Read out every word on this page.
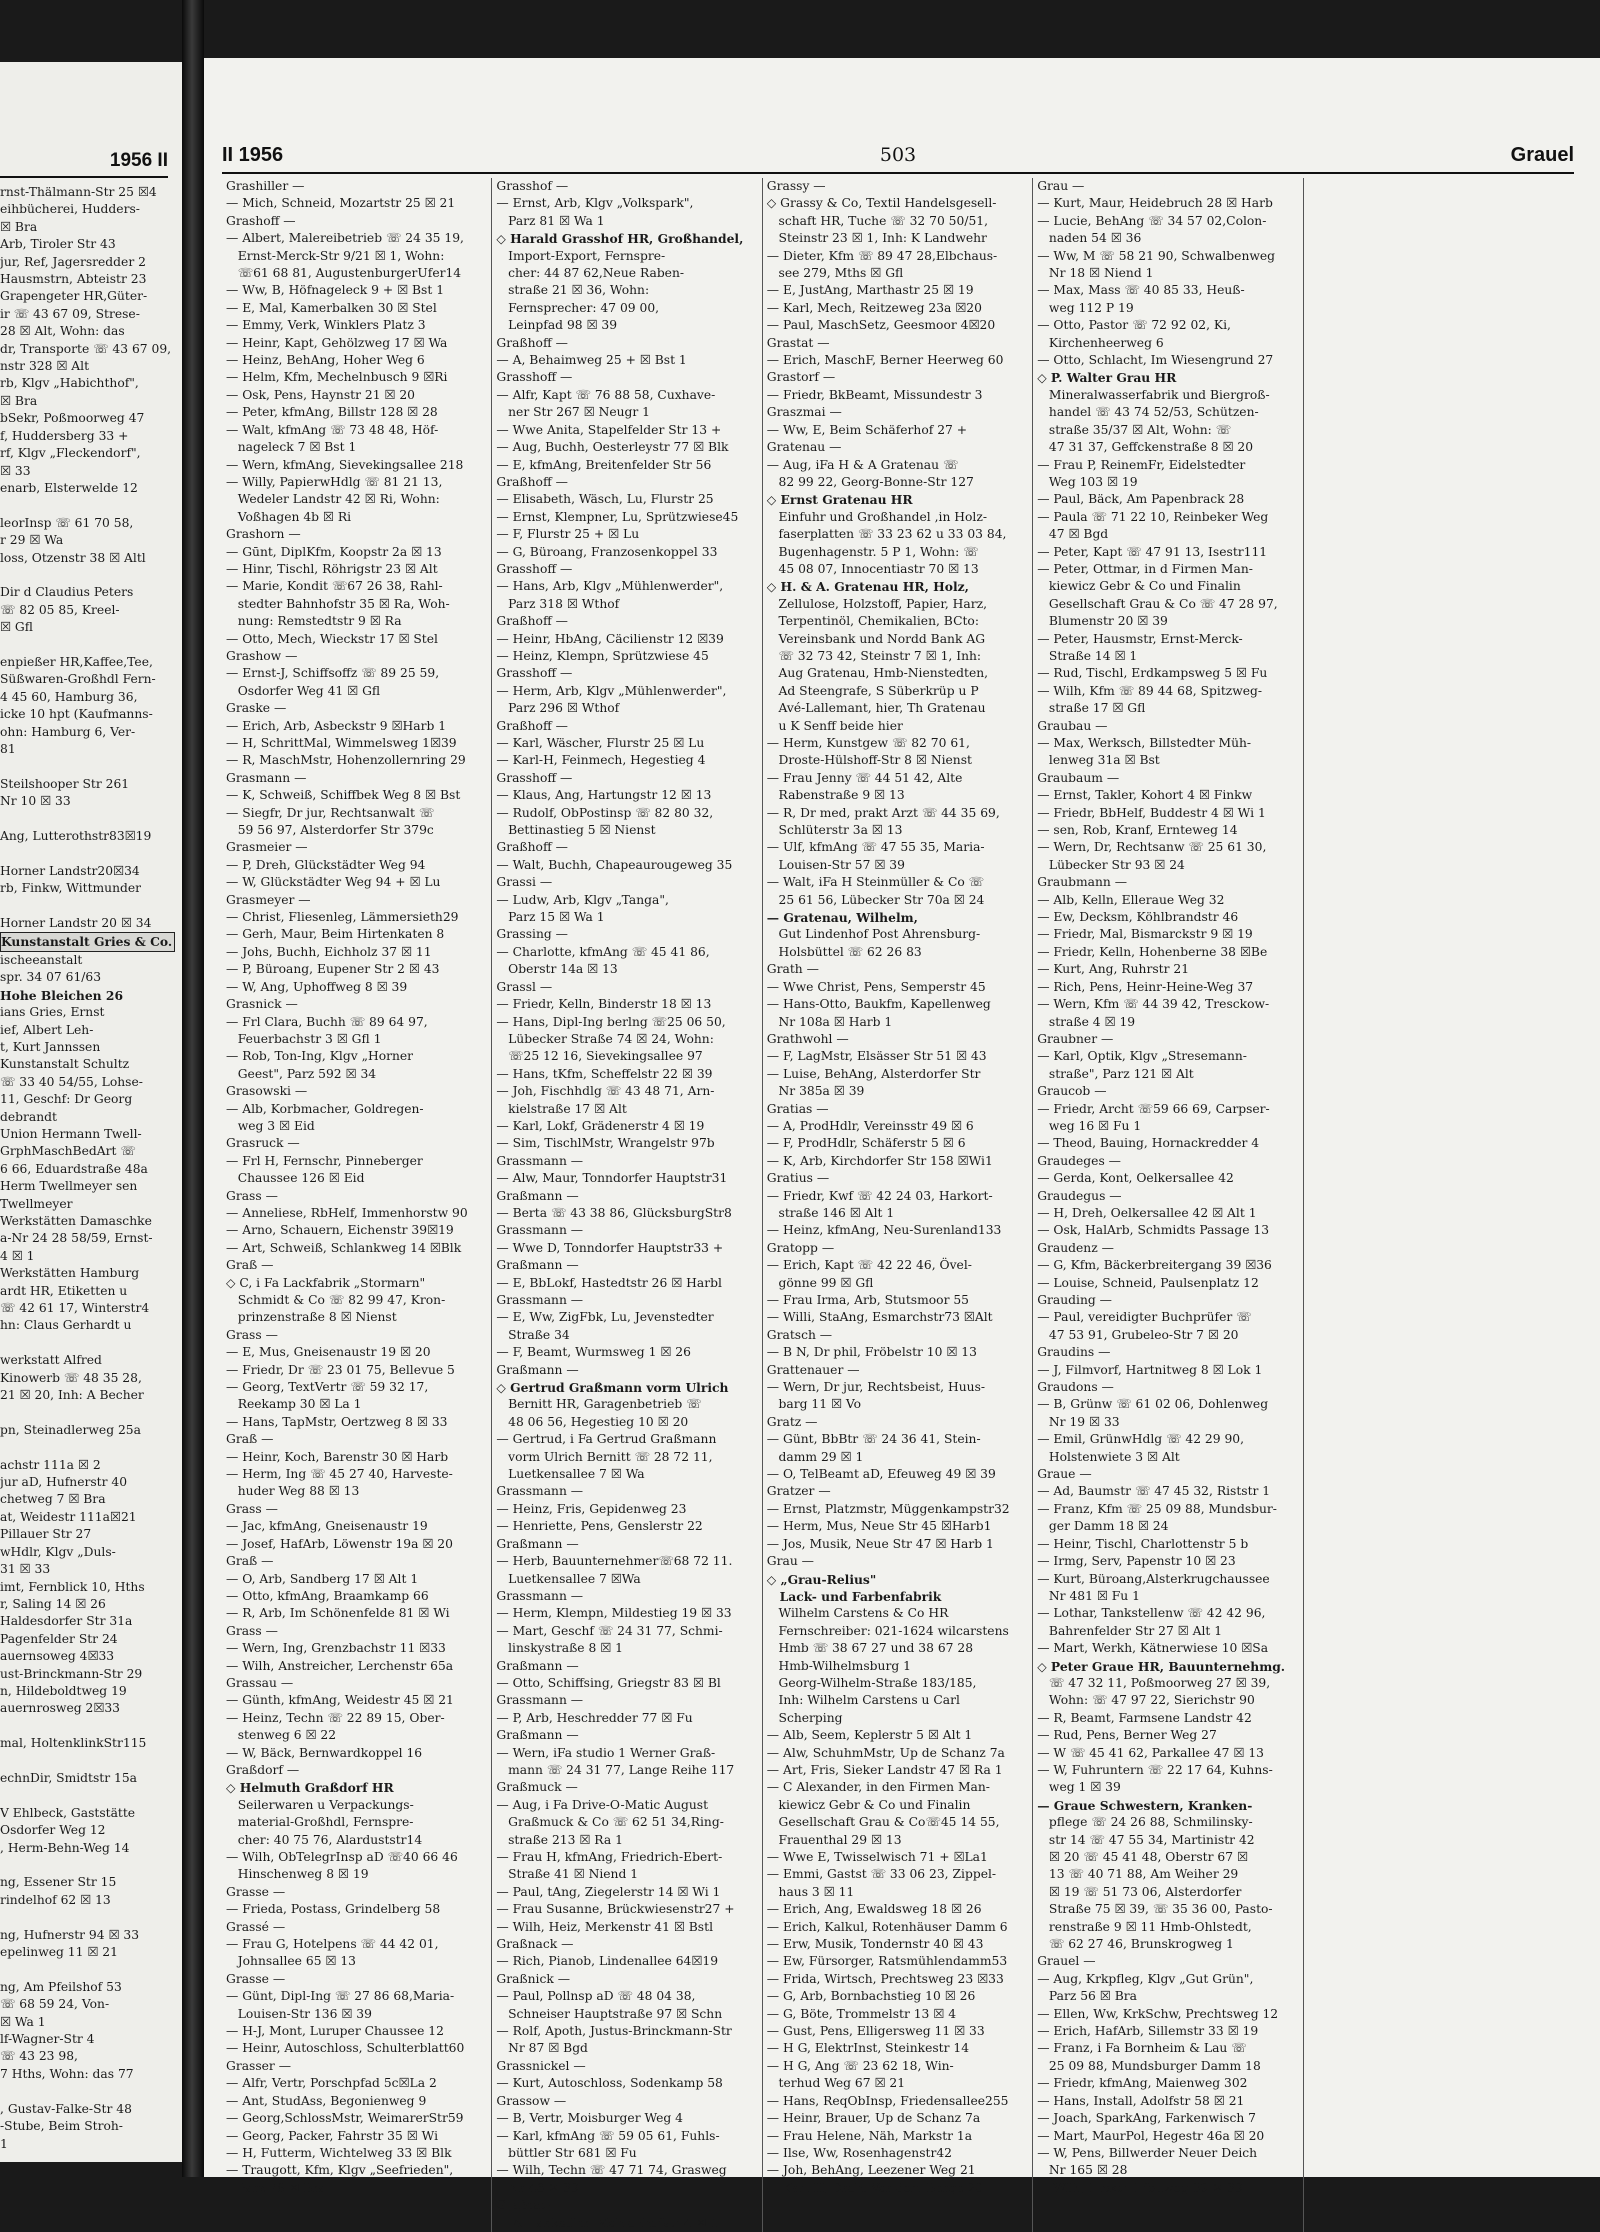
1956 II
rnst-Thälmann-Str 25 ☒4
eihbücherei, Hudders-
☒ Bra
Arb, Tiroler Str 43
jur, Ref, Jagersredder 2
Hausmstrn, Abteistr 23
Grapengeter HR,Güter-
ir ☏ 43 67 09, Strese-
28 ☒ Alt, Wohn: das
dr, Transporte ☏ 43 67 09,
nstr 328 ☒ Alt
rb, Klgv „Habichthof",
☒ Bra
bSekr, Poßmoorweg 47
f, Huddersberg 33 +
rf, Klgv „Fleckendorf",
☒ 33
enarb, Elsterwelde 12

leorInsp ☏ 61 70 58,
r 29 ☒ Wa
loss, Otzenstr 38 ☒ Altl

Dir d Claudius Peters
☏ 82 05 85, Kreel-
☒ Gfl

enpießer HR,Kaffee,Tee,
Süßwaren-Großhdl Fern-
4 45 60, Hamburg 36,
icke 10 hpt (Kaufmanns-
ohn: Hamburg 6, Ver-
81

Steilshooper Str 261
Nr 10 ☒ 33

Ang, Lutterothstr83☒19

Horner Landstr20☒34
rb, Finkw, Wittmunder

Horner Landstr 20 ☒ 34
Kunstanstalt Gries & Co.
ischeeanstalt
spr. 34 07 61/63
Hohe Bleichen 26
ians Gries, Ernst
ief, Albert Leh-
t, Kurt Jannssen
Kunstanstalt Schultz
☏ 33 40 54/55, Lohse-
11, Geschf: Dr Georg
debrandt
Union Hermann Twell-
GrphMaschBedArt ☏
6 66, Eduardstraße 48a
Herm Twellmeyer sen
Twellmeyer
Werkstätten Damaschke
a-Nr 24 28 58/59, Ernst-
4 ☒ 1
Werkstätten Hamburg
ardt HR, Etiketten u
☏ 42 61 17, Winterstr4
hn: Claus Gerhardt u

werkstatt Alfred
Kinowerb ☏ 48 35 28,
21 ☒ 20, Inh: A Becher

pn, Steinadlerweg 25a

achstr 111a ☒ 2
jur aD, Hufnerstr 40
chetweg 7 ☒ Bra
at, Weidestr 111a☒21
Pillauer Str 27
wHdlr, Klgv „Duls-
31 ☒ 33
imt, Fernblick 10, Hths
r, Saling 14 ☒ 26
Haldesdorfer Str 31a
Pagenfelder Str 24
auernsoweg 4☒33
ust-Brinckmann-Str 29
n, Hildeboldtweg 19
auernrosweg 2☒33

mal, HoltenklinkStr115

echnDir, Smidtstr 15a

V Ehlbeck, Gaststätte
Osdorfer Weg 12
, Herm-Behn-Weg 14

ng, Essener Str 15
rindelhof 62 ☒ 13

ng, Hufnerstr 94 ☒ 33
epelinweg 11 ☒ 21

ng, Am Pfeilshof 53
☏ 68 59 24, Von-
☒ Wa 1
lf-Wagner-Str 4
☏ 43 23 98,
7 Hths, Wohn: das 77

, Gustav-Falke-Str 48
-Stube, Beim Stroh-
1
II 1956	503	Grauel
Grashiller —
— Mich, Schneid, Mozartstr 25 ☒ 21
Grashoff —
— Albert, Malereibetrieb ☏ 24 35 19,
Ernst-Merck-Str 9/21 ☒ 1, Wohn:
☏61 68 81, AugustenburgerUfer14
— Ww, B, Höfnageleck 9 + ☒ Bst 1
— E, Mal, Kamerbalken 30 ☒ Stel
— Emmy, Verk, Winklers Platz 3
— Heinr, Kapt, Gehölzweg 17 ☒ Wa
— Heinz, BehAng, Hoher Weg 6
— Helm, Kfm, Mechelnbusch 9 ☒Ri
— Osk, Pens, Haynstr 21 ☒ 20
— Peter, kfmAng, Billstr 128 ☒ 28
— Walt, kfmAng ☏ 73 48 48, Höf-
nageleck 7 ☒ Bst 1
— Wern, kfmAng, Sievekingsallee 218
— Willy, PapierwHdlg ☏ 81 21 13,
Wedeler Landstr 42 ☒ Ri, Wohn:
Voßhagen 4b ☒ Ri
Grashorn —
— Gūnt, DiplKfm, Koopstr 2a ☒ 13
— Hinr, Tischl, Röhrigstr 23 ☒ Alt
— Marie, Kondit ☏67 26 38, Rahl-
stedter Bahnhofstr 35 ☒ Ra, Woh-
nung: Remstedtstr 9 ☒ Ra
— Otto, Mech, Wieckstr 17 ☒ Stel
Grashow —
— Ernst-J, Schiffsoffz ☏ 89 25 59,
Osdorfer Weg 41 ☒ Gfl
Graske —
— Erich, Arb, Asbeckstr 9 ☒Harb 1
— H, SchrittMal, Wimmelsweg 1☒39
— R, MaschMstr, Hohenzollernring 29
Grasmann —
— K, Schweiß, Schiffbek Weg 8 ☒ Bst
— Siegfr, Dr jur, Rechtsanwalt ☏
59 56 97, Alsterdorfer Str 379c
Grasmeier —
— P, Dreh, Glückstädter Weg 94
— W, Glückstädter Weg 94 + ☒ Lu
Grasmeyer —
— Christ, Fliesenleg, Lämmersieth29
— Gerh, Maur, Beim Hirtenkaten 8
— Johs, Buchh, Eichholz 37 ☒ 11
— P, Büroang, Eupener Str 2 ☒ 43
— W, Ang, Uphoffweg 8 ☒ 39
Grasnick —
— Frl Clara, Buchh ☏ 89 64 97,
Feuerbachstr 3 ☒ Gfl 1
— Rob, Ton-Ing, Klgv „Horner
Geest", Parz 592 ☒ 34
Grasowski —
— Alb, Korbmacher, Goldregen-
weg 3 ☒ Eid
Grasruck —
— Frl H, Fernschr, Pinneberger
Chaussee 126 ☒ Eid
Grass —
— Anneliese, RbHelf, Immenhorstw 90
— Arno, Schauern, Eichenstr 39☒19
— Art, Schweiß, Schlankweg 14 ☒Blk
Graß —
◇ C, i Fa Lackfabrik „Stormarn"
Schmidt & Co ☏ 82 99 47, Kron-
prinzenstraße 8 ☒ Nienst
Grass —
— E, Mus, Gneisenaustr 19 ☒ 20
— Friedr, Dr ☏ 23 01 75, Bellevue 5
— Georg, TextVertr ☏ 59 32 17,
Reekamp 30 ☒ La 1
— Hans, TapMstr, Oertzweg 8 ☒ 33
Graß —
— Heinr, Koch, Barenstr 30 ☒ Harb
— Herm, Ing ☏ 45 27 40, Harveste-
huder Weg 88 ☒ 13
Grass —
— Jac, kfmAng, Gneisenaustr 19
— Josef, HafArb, Löwenstr 19a ☒ 20
Graß —
— O, Arb, Sandberg 17 ☒ Alt 1
— Otto, kfmAng, Braamkamp 66
— R, Arb, Im Schönenfelde 81 ☒ Wi
Grass —
— Wern, Ing, Grenzbachstr 11 ☒33
— Wilh, Anstreicher, Lerchenstr 65a
Grassau —
— Günth, kfmAng, Weidestr 45 ☒ 21
— Heinz, Techn ☏ 22 89 15, Ober-
stenweg 6 ☒ 22
— W, Bäck, Bernwardkoppel 16
Graßdorf —
◇ Helmuth Graßdorf HR
Seilerwaren u Verpackungs-
material-Großhdl, Fernspre-
cher: 40 75 76, Alarduststr14
— Wilh, ObTelegrInsp aD ☏40 66 46
Hinschenweg 8 ☒ 19
Grasse —
— Frieda, Postass, Grindelberg 58
Grassé —
— Frau G, Hotelpens ☏ 44 42 01,
Johnsallee 65 ☒ 13
Grasse —
— Günt, Dipl-Ing ☏ 27 86 68,Maria-
Louisen-Str 136 ☒ 39
— H-J, Mont, Luruper Chaussee 12
— Heinr, Autoschloss, Schulterblatt60
Grasser —
— Alfr, Vertr, Porschpfad 5c☒La 2
— Ant, StudAss, Begonienweg 9
— Georg,SchlossMstr, WeimarerStr59
— Georg, Packer, Fahrstr 35 ☒ Wi
— H, Futterm, Wichtelweg 33 ☒ Blk
— Traugott, Kfm, Klgv „Seefrieden",
Parz 78 ☒ Bra
Grasshof —
— Ernst, Arb, Klgv „Volkspark",
Parz 81 ☒ Wa 1
◇ Harald Grasshof HR, Großhandel,
Import-Export, Fernspre-
cher: 44 87 62,Neue Raben-
straße 21 ☒ 36, Wohn:
Fernsprecher: 47 09 00,
Leinpfad 98 ☒ 39
Graßhoff —
— A, Behaimweg 25 + ☒ Bst 1
Grasshoff —
— Alfr, Kapt ☏ 76 88 58, Cuxhave-
ner Str 267 ☒ Neugr 1
— Wwe Anita, Stapelfelder Str 13 +
— Aug, Buchh, Oesterleystr 77 ☒ Blk
— E, kfmAng, Breitenfelder Str 56
Graßhoff —
— Elisabeth, Wäsch, Lu, Flurstr 25
— Ernst, Klempner, Lu, Sprützwiese45
— F, Flurstr 25 + ☒ Lu
— G, Büroang, Franzosenkoppel 33
Grasshoff —
— Hans, Arb, Klgv „Mühlenwerder",
Parz 318 ☒ Wthof
Graßhoff —
— Heinr, HbAng, Cäcilienstr 12 ☒39
— Heinz, Klempn, Sprützwiese 45
Grasshoff —
— Herm, Arb, Klgv „Mühlenwerder",
Parz 296 ☒ Wthof
Graßhoff —
— Karl, Wäscher, Flurstr 25 ☒ Lu
— Karl-H, Feinmech, Hegestieg 4
Grasshoff —
— Klaus, Ang, Hartungstr 12 ☒ 13
— Rudolf, ObPostinsp ☏ 82 80 32,
Bettinastieg 5 ☒ Nienst
Graßhoff —
— Walt, Buchh, Chapeaurougeweg 35
Grassi —
— Ludw, Arb, Klgv „Tanga",
Parz 15 ☒ Wa 1
Grassing —
— Charlotte, kfmAng ☏ 45 41 86,
Oberstr 14a ☒ 13
Grassl —
— Friedr, Kelln, Binderstr 18 ☒ 13
— Hans, Dipl-Ing berlng ☏25 06 50,
Lübecker Straße 74 ☒ 24, Wohn:
☏25 12 16, Sievekingsallee 97
— Hans, tKfm, Scheffelstr 22 ☒ 39
— Joh, Fischhdlg ☏ 43 48 71, Arn-
kielstraße 17 ☒ Alt
— Karl, Lokf, Grädenerstr 4 ☒ 19
— Sim, TischlMstr, Wrangelstr 97b
Grassmann —
— Alw, Maur, Tonndorfer Hauptstr31
Graßmann —
— Berta ☏ 43 38 86, GlücksburgStr8
Grassmann —
— Wwe D, Tonndorfer Hauptstr33 +
Graßmann —
— E, BbLokf, Hastedtstr 26 ☒ Harbl
Grassmann —
— E, Ww, ZigFbk, Lu, Jevenstedter
Straße 34
— F, Beamt, Wurmsweg 1 ☒ 26
Graßmann —
◇ Gertrud Graßmann vorm Ulrich
Bernitt HR, Garagenbetrieb ☏
48 06 56, Hegestieg 10 ☒ 20
— Gertrud, i Fa Gertrud Graßmann
vorm Ulrich Bernitt ☏ 28 72 11,
Luetkensallee 7 ☒ Wa
Grassmann —
— Heinz, Fris, Gepidenweg 23
— Henriette, Pens, Genslerstr 22
Graßmann —
— Herb, Bauunternehmer☏68 72 11.
Luetkensallee 7 ☒Wa
Grassmann —
— Herm, Klempn, Mildestieg 19 ☒ 33
— Mart, Geschf ☏ 24 31 77, Schmi-
linskystraße 8 ☒ 1
Graßmann —
— Otto, Schiffsing, Griegstr 83 ☒ Bl
Grassmann —
— P, Arb, Heschredder 77 ☒ Fu
Graßmann —
— Wern, iFa studio 1 Werner Graß-
mann ☏ 24 31 77, Lange Reihe 117
Graßmuck —
— Aug, i Fa Drive-O-Matic August
Graßmuck & Co ☏ 62 51 34,Ring-
straße 213 ☒ Ra 1
— Frau H, kfmAng, Friedrich-Ebert-
Straße 41 ☒ Niend 1
— Paul, tAng, Ziegelerstr 14 ☒ Wi 1
— Frau Susanne, Brückwiesenstr27 +
— Wilh, Heiz, Merkenstr 41 ☒ Bstl
Graßnack —
— Rich, Pianob, Lindenallee 64☒19
Graßnick —
— Paul, Pollnsp aD ☏ 48 04 38,
Schneiser Hauptstraße 97 ☒ Schn
— Rolf, Apoth, Justus-Brinckmann-Str
Nr 87 ☒ Bgd
Grassnickel —
— Kurt, Autoschloss, Sodenkamp 58
Grassow —
— B, Vertr, Moisburger Weg 4
— Karl, kfmAng ☏ 59 05 61, Fuhls-
büttler Str 681 ☒ Fu
— Wilh, Techn ☏ 47 71 74, Grasweg
Nr 46 ☒ 39
Graßtat —
— A, TankstLtr, Mohlenhofstr 4 ☒ 1
Grassy —
◇ Grassy & Co, Textil Handelsgesell-
schaft HR, Tuche ☏ 32 70 50/51,
Steinstr 23 ☒ 1, Inh: K Landwehr
— Dieter, Kfm ☏ 89 47 28,Elbchaus-
see 279, Mths ☒ Gfl
— E, JustAng, Marthastr 25 ☒ 19
— Karl, Mech, Reitzeweg 23a ☒20
— Paul, MaschSetz, Geesmoor 4☒20
Grastat —
— Erich, MaschF, Berner Heerweg 60
Grastorf —
— Friedr, BkBeamt, Missundestr 3
Graszmai —
— Ww, E, Beim Schäferhof 27 +
Gratenau —
— Aug, iFa H & A Gratenau ☏
82 99 22, Georg-Bonne-Str 127
◇ Ernst Gratenau HR
Einfuhr und Großhandel ,in Holz-
faserplatten ☏ 33 23 62 u 33 03 84,
Bugenhagenstr. 5 P 1, Wohn: ☏
45 08 07, Innocentiastr 70 ☒ 13
◇ H. & A. Gratenau HR, Holz,
Zellulose, Holzstoff, Papier, Harz,
Terpentinöl, Chemikalien, BCto:
Vereinsbank und Nordd Bank AG
☏ 32 73 42, Steinstr 7 ☒ 1, Inh:
Aug Gratenau, Hmb-Nienstedten,
Ad Steengrafe, S Süberkrüp u P
Avé-Lallemant, hier, Th Gratenau
u K Senff beide hier
— Herm, Kunstgew ☏ 82 70 61,
Droste-Hülshoff-Str 8 ☒ Nienst
— Frau Jenny ☏ 44 51 42, Alte
Rabenstraße 9 ☒ 13
— R, Dr med, prakt Arzt ☏ 44 35 69,
Schlüterstr 3a ☒ 13
— Ulf, kfmAng ☏ 47 55 35, Maria-
Louisen-Str 57 ☒ 39
— Walt, iFa H Steinmüller & Co ☏
25 61 56, Lübecker Str 70a ☒ 24
— Gratenau, Wilhelm,
Gut Lindenhof Post Ahrensburg-
Holsbüttel ☏ 62 26 83
Grath —
— Wwe Christ, Pens, Semperstr 45
— Hans-Otto, Baukfm, Kapellenweg
Nr 108a ☒ Harb 1
Grathwohl —
— F, LagMstr, Elsässer Str 51 ☒ 43
— Luise, BehAng, Alsterdorfer Str
Nr 385a ☒ 39
Gratias —
— A, ProdHdlr, Vereinsstr 49 ☒ 6
— F, ProdHdlr, Schäferstr 5 ☒ 6
— K, Arb, Kirchdorfer Str 158 ☒Wi1
Gratius —
— Friedr, Kwf ☏ 42 24 03, Harkort-
straße 146 ☒ Alt 1
— Heinz, kfmAng, Neu-Surenland133
Gratopp —
— Erich, Kapt ☏ 42 22 46, Övel-
gönne 99 ☒ Gfl
— Frau Irma, Arb, Stutsmoor 55
— Willi, StaAng, Esmarchstr73 ☒Alt
Gratsch —
— B N, Dr phil, Fröbelstr 10 ☒ 13
Grattenauer —
— Wern, Dr jur, Rechtsbeist, Huus-
barg 11 ☒ Vo
Gratz —
— Günt, BbBtr ☏ 24 36 41, Stein-
damm 29 ☒ 1
— O, TelBeamt aD, Efeuweg 49 ☒ 39
Gratzer —
— Ernst, Platzmstr, Müggenkampstr32
— Herm, Mus, Neue Str 45 ☒Harb1
— Jos, Musik, Neue Str 47 ☒ Harb 1
Grau —
◇ „Grau-Relius"
Lack- und Farbenfabrik
Wilhelm Carstens & Co HR
Fernschreiber: 021-1624 wilcarstens
Hmb ☏ 38 67 27 und 38 67 28
Hmb-Wilhelmsburg 1
Georg-Wilhelm-Straße 183/185,
Inh: Wilhelm Carstens u Carl
Scherping
— Alb, Seem, Keplerstr 5 ☒ Alt 1
— Alw, SchuhmMstr, Up de Schanz 7a
— Art, Fris, Sieker Landstr 47 ☒ Ra 1
— C Alexander, in den Firmen Man-
kiewicz Gebr & Co und Finalin
Gesellschaft Grau & Co☏45 14 55,
Frauenthal 29 ☒ 13
— Wwe E, Twisselwisch 71 + ☒La1
— Emmi, Gastst ☏ 33 06 23, Zippel-
haus 3 ☒ 11
— Erich, Ang, Ewaldsweg 18 ☒ 26
— Erich, Kalkul, Rotenhäuser Damm 6
— Erw, Musik, Tondernstr 40 ☒ 43
— Ew, Fürsorger, Ratsmühlendamm53
— Frida, Wirtsch, Prechtsweg 23 ☒33
— G, Arb, Bornbachstieg 10 ☒ 26
— G, Böte, Trommelstr 13 ☒ 4
— Gust, Pens, Elligersweg 11 ☒ 33
— H G, ElektrInst, Steinkestr 14
— H G, Ang ☏ 23 62 18, Win-
terhud Weg 67 ☒ 21
— Hans, ReqObInsp, Friedensallee255
— Heinr, Brauer, Up de Schanz 7a
— Frau Helene, Näh, Markstr 1a
— Ilse, Ww, Rosenhagenstr42
— Joh, BehAng, Leezener Weg 21
— Karl-H, Dreh, Vor dem Berge 20
Grau —
— Kurt, Maur, Heidebruch 28 ☒ Harb
— Lucie, BehAng ☏ 34 57 02,Colon-
naden 54 ☒ 36
— Ww, M ☏ 58 21 90, Schwalbenweg
Nr 18 ☒ Niend 1
— Max, Mass ☏ 40 85 33, Heuß-
weg 112 P 19
— Otto, Pastor ☏ 72 92 02, Ki,
Kirchenheerweg 6
— Otto, Schlacht, Im Wiesengrund 27
◇ P. Walter Grau HR
Mineralwasserfabrik und Biergroß-
handel ☏ 43 74 52/53, Schützen-
straße 35/37 ☒ Alt, Wohn: ☏
47 31 37, Geffckenstraße 8 ☒ 20
— Frau P, ReinemFr, Eidelstedter
Weg 103 ☒ 19
— Paul, Bäck, Am Papenbrack 28
— Paula ☏ 71 22 10, Reinbeker Weg
47 ☒ Bgd
— Peter, Kapt ☏ 47 91 13, Isestr111
— Peter, Ottmar, in d Firmen Man-
kiewicz Gebr & Co und Finalin
Gesellschaft Grau & Co ☏ 47 28 97,
Blumenstr 20 ☒ 39
— Peter, Hausmstr, Ernst-Merck-
Straße 14 ☒ 1
— Rud, Tischl, Erdkampsweg 5 ☒ Fu
— Wilh, Kfm ☏ 89 44 68, Spitzweg-
straße 17 ☒ Gfl
Graubau —
— Max, Werksch, Billstedter Müh-
lenweg 31a ☒ Bst
Graubaum —
— Ernst, Takler, Kohort 4 ☒ Finkw
— Friedr, BbHelf, Buddestr 4 ☒ Wi 1
— sen, Rob, Kranf, Ernteweg 14
— Wern, Dr, Rechtsanw ☏ 25 61 30,
Lübecker Str 93 ☒ 24
Graubmann —
— Alb, Kelln, Elleraue Weg 32
— Ew, Decksm, Köhlbrandstr 46
— Friedr, Mal, Bismarckstr 9 ☒ 19
— Friedr, Kelln, Hohenberne 38 ☒Be
— Kurt, Ang, Ruhrstr 21
— Rich, Pens, Heinr-Heine-Weg 37
— Wern, Kfm ☏ 44 39 42, Tresckow-
straße 4 ☒ 19
Graubner —
— Karl, Optik, Klgv „Stresemann-
straße", Parz 121 ☒ Alt
Graucob —
— Friedr, Archt ☏59 66 69, Carpser-
weg 16 ☒ Fu 1
— Theod, Bauing, Hornackredder 4
Graudeges —
— Gerda, Kont, Oelkersallee 42
Graudegus —
— H, Dreh, Oelkersallee 42 ☒ Alt 1
— Osk, HalArb, Schmidts Passage 13
Graudenz —
— G, Kfm, Bäckerbreitergang 39 ☒36
— Louise, Schneid, Paulsenplatz 12
Grauding —
— Paul, vereidigter Buchprüfer ☏
47 53 91, Grubeleo-Str 7 ☒ 20
Graudins —
— J, Filmvorf, Hartnitweg 8 ☒ Lok 1
Graudons —
— B, Grünw ☏ 61 02 06, Dohlenweg
Nr 19 ☒ 33
— Emil, GrünwHdlg ☏ 42 29 90,
Holstenwiete 3 ☒ Alt
Graue —
— Ad, Baumstr ☏ 47 45 32, Riststr 1
— Franz, Kfm ☏ 25 09 88, Mundsbur-
ger Damm 18 ☒ 24
— Heinr, Tischl, Charlottenstr 5 b
— Irmg, Serv, Papenstr 10 ☒ 23
— Kurt, Büroang,Alsterkrugchaussee
Nr 481 ☒ Fu 1
— Lothar, Tankstellenw ☏ 42 42 96,
Bahrenfelder Str 27 ☒ Alt 1
— Mart, Werkh, Kätnerwiese 10 ☒Sa
◇ Peter Graue HR, Bauunternehmg.
☏ 47 32 11, Poßmoorweg 27 ☒ 39,
Wohn: ☏ 47 97 22, Sierichstr 90
— R, Beamt, Farmsene Landstr 42
— Rud, Pens, Berner Weg 27
— W ☏ 45 41 62, Parkallee 47 ☒ 13
— W, Fuhruntern ☏ 22 17 64, Kuhns-
weg 1 ☒ 39
— Graue Schwestern, Kranken-
pflege ☏ 24 26 88, Schmilinsky-
str 14 ☏ 47 55 34, Martinistr 42
☒ 20 ☏ 45 41 48, Oberstr 67 ☒
13 ☏ 40 71 88, Am Weiher 29
☒ 19 ☏ 51 73 06, Alsterdorfer
Straße 75 ☒ 39, ☏ 35 36 00, Pasto-
renstraße 9 ☒ 11 Hmb-Ohlstedt,
☏ 62 27 46, Brunskrogweg 1
Grauel —
— Aug, Krkpfleg, Klgv „Gut Grün",
Parz 56 ☒ Bra
— Ellen, Ww, KrkSchw, Prechtsweg 12
— Erich, HafArb, Sillemstr 33 ☒ 19
— Franz, i Fa Bornheim & Lau ☏
25 09 88, Mundsburger Damm 18
— Friedr, kfmAng, Maienweg 302
— Hans, Install, Adolfstr 58 ☒ 21
— Joach, SparkAng, Farkenwisch 7
— Mart, MaurPol, Hegestr 46a ☒ 20
— W, Pens, Billwerder Neuer Deich
Nr 165 ☒ 28
— Wilh, Elektr, Efeuweg 39 ☒ 39
